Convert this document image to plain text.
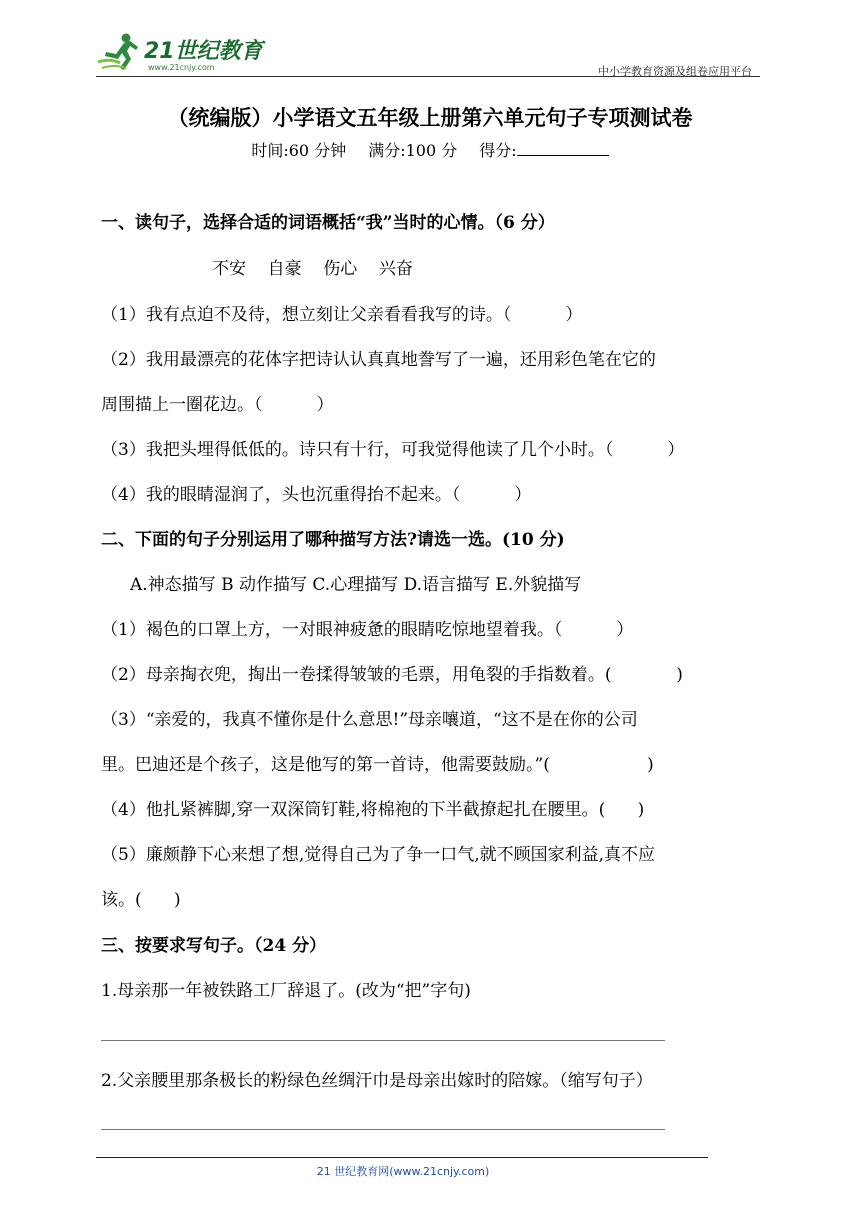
21世纪教育
www.21cnjy.com	中小学教育资源及组卷应用平台
（统编版）小学语文五年级上册第六单元句子专项测试卷
时间:60 分钟 满分:100 分 得分:
一、读句子，选择合适的词语概括“我”当时的心情。（6 分）
不安    自豪    伤心    兴奋
（1）我有点迫不及待，想立刻让父亲看看我写的诗。（          ）
（2）我用最漂亮的花体字把诗认认真真地誊写了一遍，还用彩色笔在它的
周围描上一圈花边。（          ）
（3）我把头埋得低低的。诗只有十行，可我觉得他读了几个小时。（          ）
（4）我的眼睛湿润了，头也沉重得抬不起来。（          ）
二、下面的句子分别运用了哪种描写方法?请选一选。(10 分)
A.神态描写 B 动作描写 C.心理描写 D.语言描写 E.外貌描写
（1）褐色的口罩上方，一对眼神疲惫的眼睛吃惊地望着我。（          ）
（2）母亲掏衣兜，掏出一卷揉得皱皱的毛票，用龟裂的手指数着。(            )
（3）“亲爱的，我真不懂你是什么意思!”母亲嚷道，“这不是在你的公司
里。巴迪还是个孩子，这是他写的第一首诗，他需要鼓励。”(                  )
（4）他扎紧裤脚,穿一双深筒钉鞋,将棉袍的下半截撩起扎在腰里。(      )
（5）廉颇静下心来想了想,觉得自己为了争一口气,就不顾国家利益,真不应
该。(      )
三、按要求写句子。（24 分）
1.母亲那一年被铁路工厂辞退了。(改为“把”字句)
2.父亲腰里那条极长的粉绿色丝绸汗巾是母亲出嫁时的陪嫁。（缩写句子）
21 世纪教育网(www.21cnjy.com)
